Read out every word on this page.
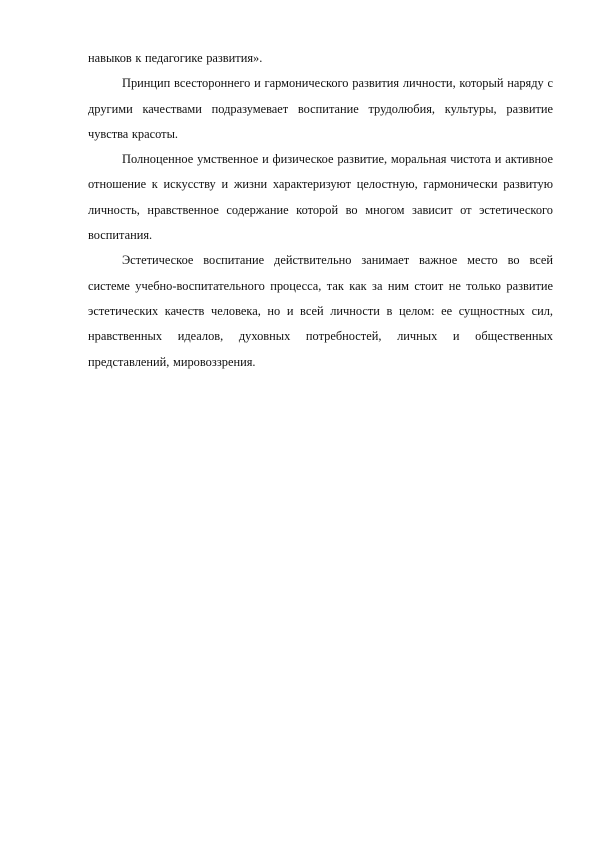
навыков к педагогике развития».

Принцип всестороннего и гармонического развития личности, который наряду с другими качествами подразумевает воспитание трудолюбия, культуры, развитие чувства красоты.

Полноценное умственное и физическое развитие, моральная чистота и активное отношение к искусству и жизни характеризуют целостную, гармонически развитую личность, нравственное содержание которой во многом зависит от эстетического воспитания.

Эстетическое воспитание действительно занимает важное место во всей системе учебно-воспитательного процесса, так как за ним стоит не только развитие эстетических качеств человека, но и всей личности в целом: ее сущностных сил, нравственных идеалов, духовных потребностей, личных и общественных представлений, мировоззрения.
